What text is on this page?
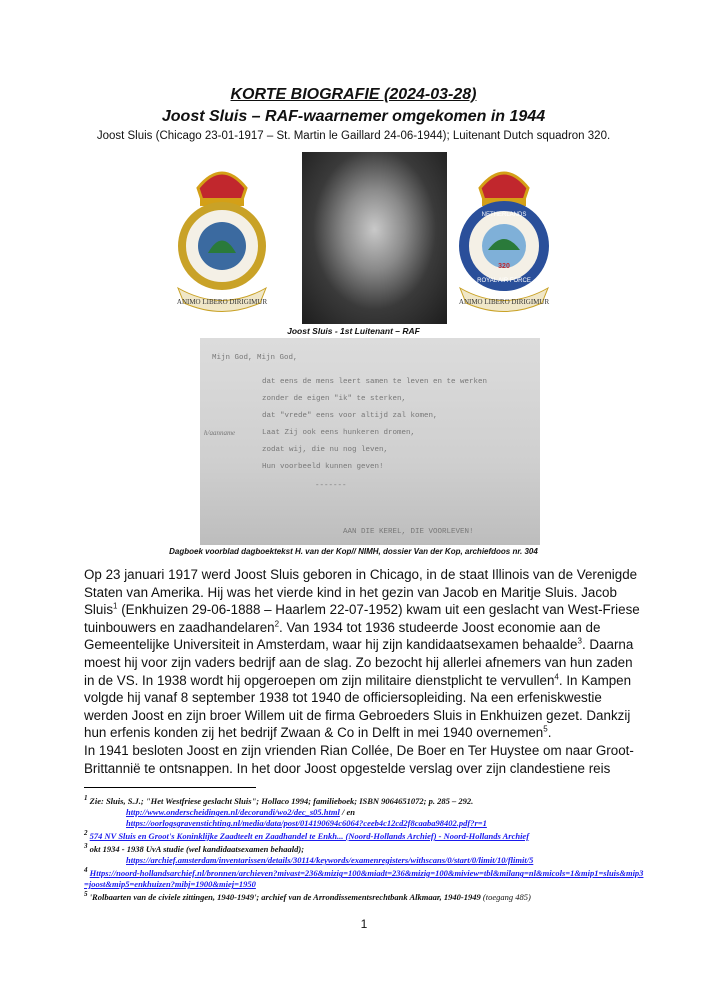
KORTE BIOGRAFIE (2024-03-28)
Joost Sluis – RAF-waarnemer omgekomen in 1944
Joost Sluis (Chicago 23-01-1917 – St. Martin le Gaillard 24-06-1944); Luitenant Dutch squadron 320.
ANIMO LIBERO DIRIGIMUR
NETHERLANDS
320
ROYAL AIR FORCE
ANIMO LIBERO DIRIGIMUR
Joost Sluis - 1st Luitenant – RAF
Mijn God, Mijn God,
dat eens de mens leert samen te leven en te werken
zonder de eigen "ik" te sterken,
dat "vrede" eens voor altijd zal komen,
h/aanname	Laat Zij ook eens hunkeren dromen,
zodat wij, die nu nog leven,
Hun voorbeeld kunnen geven!
-------
AAN DIE KEREL, DIE VOORLEVEN!
Dagboek voorblad dagboektekst H. van der Kop// NIMH, dossier Van der Kop, archiefdoos nr. 304
Op 23 januari 1917 werd Joost Sluis geboren in Chicago, in de staat Illinois van de Verenigde Staten van Amerika. Hij was het vierde kind in het gezin van Jacob en Maritje Sluis. Jacob Sluis$^1$ (Enkhuizen 29-06-1888 – Haarlem 22-07-1952) kwam uit een geslacht van West-Friese tuinbouwers en zaadhandelaren$^2$. Van 1934 tot 1936 studeerde Joost economie aan de Gemeentelijke Universiteit in Amsterdam, waar hij zijn kandidaatsexamen behaalde$^3$. Daarna moest hij voor zijn vaders bedrijf aan de slag. Zo bezocht hij allerlei afnemers van hun zaden in de VS. In 1938 wordt hij opgeroepen om zijn militaire dienstplicht te vervullen$^4$. In Kampen volgde hij vanaf 8 september 1938 tot 1940 de officiersopleiding. Na een erfeniskwestie werden Joost en zijn broer Willem uit de firma Gebroeders Sluis in Enkhuizen gezet. Dankzij hun erfenis konden zij het bedrijf Zwaan & Co in Delft in mei 1940 overnemen$^5$.
In 1941 besloten Joost en zijn vrienden Rian Collée, De Boer en Ter Huystee om naar Groot-Brittannië te ontsnappen. In het door Joost opgestelde verslag over zijn clandestiene reis
$^1$ Zie: Sluis, S.J.; "Het Westfriese geslacht Sluis"; Hollaco 1994; familieboek; ISBN 9064651072; p. 285 – 292.
http://www.onderscheidingen.nl/decorandi/wo2/dec_s05.html / en
https://oorlogsgravenstichting.nl/media/data/post/014190694c6064?ceeb4c12cd2f8caaba98402.pdf?r=1
$^2$ 574 NV Sluis en Groot's Koninklijke Zaadteelt en Zaadhandel te Enkh... (Noord-Hollands Archief) - Noord-Hollands Archief
$^3$ okt 1934 - 1938 UvA studie (wel kandidaatsexamen behaald);
https://archief.amsterdam/inventarissen/details/30114/keywords/examenregisters/withscans/0/start/0/limit/10/flimit/5
$^4$ Https://noord-hollandsarchief.nl/bronnen/archieven?mivast=236&mizig=100&miadt=236&mizig=100&miview=tbl&milang=nl&micols=1&mip1=sluis&mip3=joost&mip5=enkhuizen?mibj=1900&miej=1950
$^5$ 'Rolbaarten van de civiele zittingen, 1940-1949'; archief van de Arrondissementsrechtbank Alkmaar, 1940-1949 (toegang 485)
1
